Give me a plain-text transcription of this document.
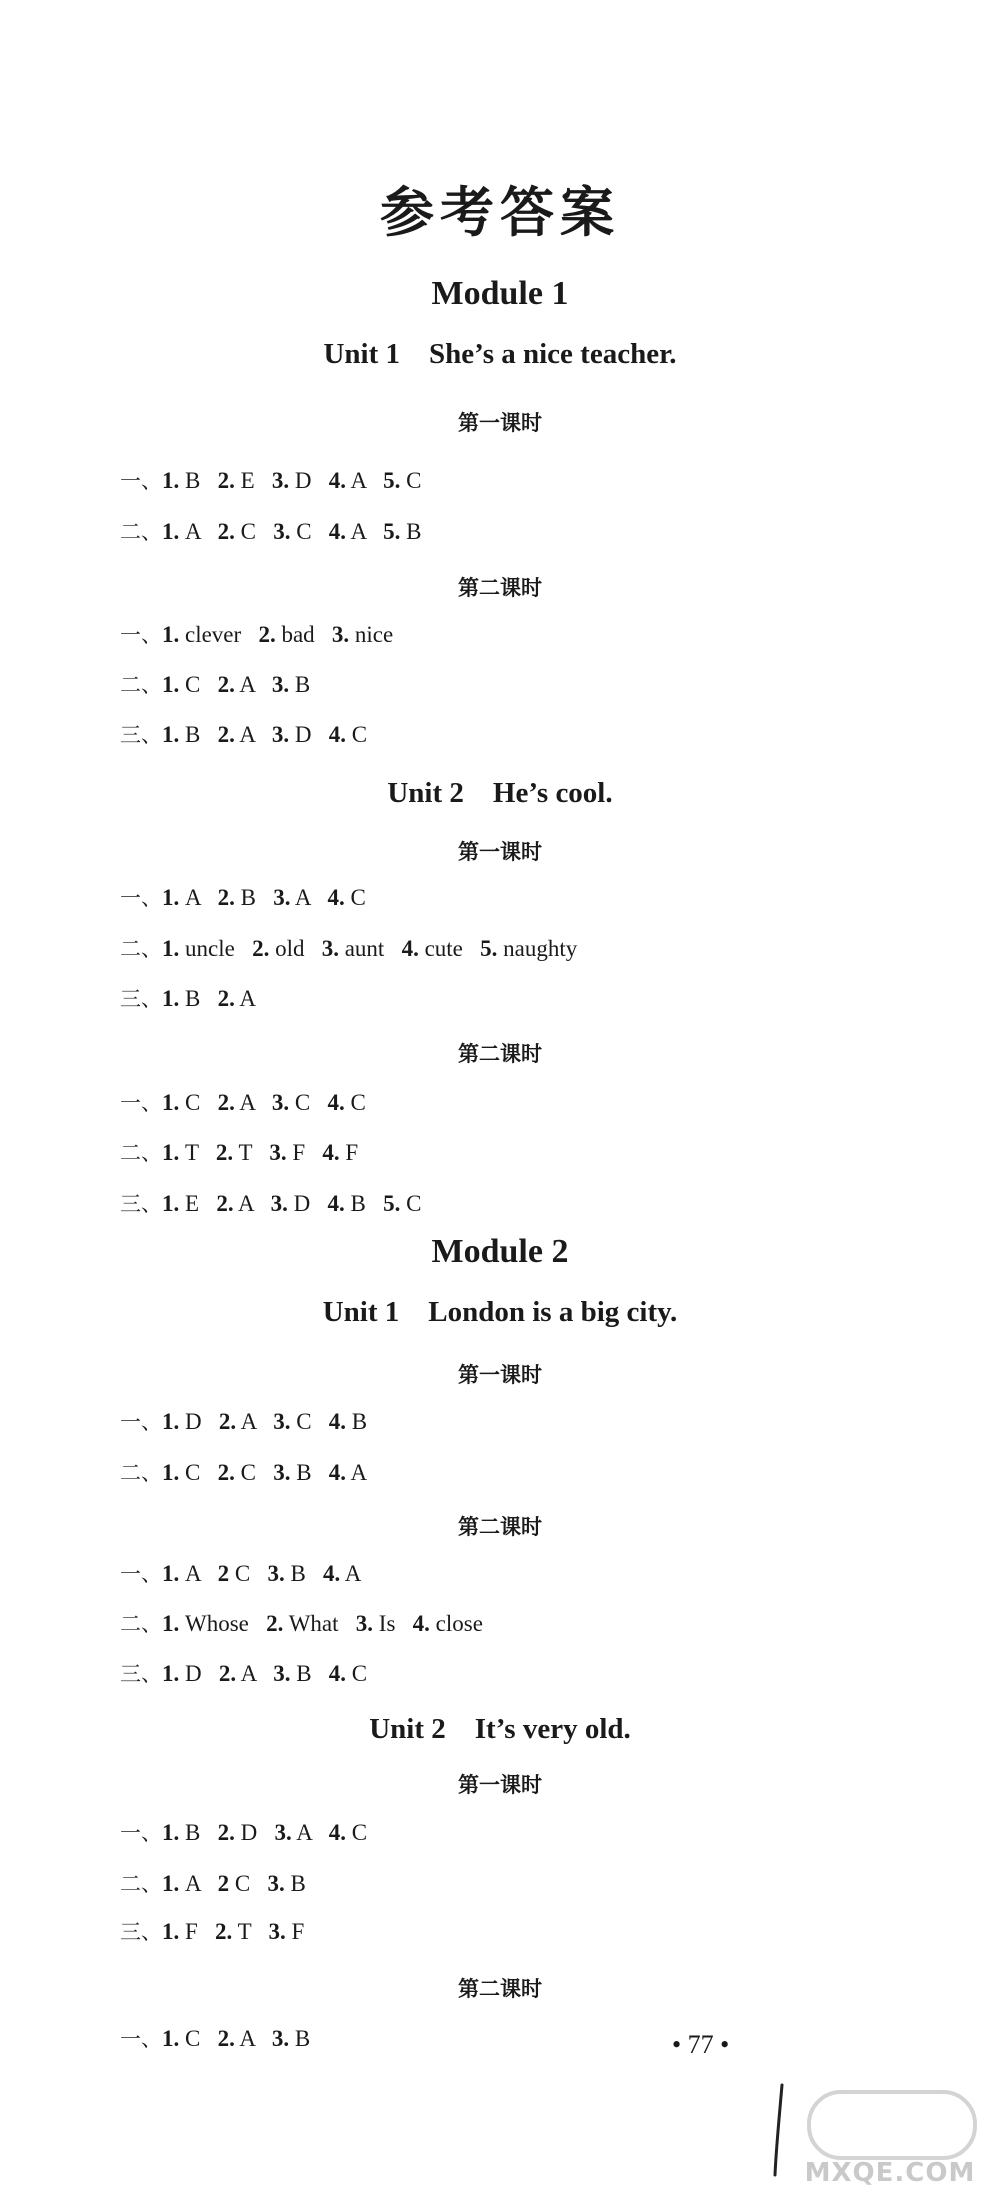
参考答案
Module 1
Unit 1    She’s a nice teacher.
第一课时
一、1. B 2. E 3. D 4. A 5. C
二、1. A 2. C 3. C 4. A 5. B
第二课时
一、1. clever 2. bad 3. nice
二、1. C 2. A 3. B
三、1. B 2. A 3. D 4. C
Unit 2    He’s cool.
第一课时
一、1. A 2. B 3. A 4. C
二、1. uncle 2. old 3. aunt 4. cute 5. naughty
三、1. B 2. A
第二课时
一、1. C 2. A 3. C 4. C
二、1. T 2. T 3. F 4. F
三、1. E 2. A 3. D 4. B 5. C
Module 2
Unit 1    London is a big city.
第一课时
一、1. D 2. A 3. C 4. B
二、1. C 2. C 3. B 4. A
第二课时
一、1. A 2 C 3. B 4. A
二、1. Whose 2. What 3. Is 4. close
三、1. D 2. A 3. B 4. C
Unit 2    It’s very old.
第一课时
一、1. B 2. D 3. A 4. C
二、1. A 2 C 3. B
三、1. F 2. T 3. F
第二课时
一、1. C 2. A 3. B	• 77 •
MXQE.COM
